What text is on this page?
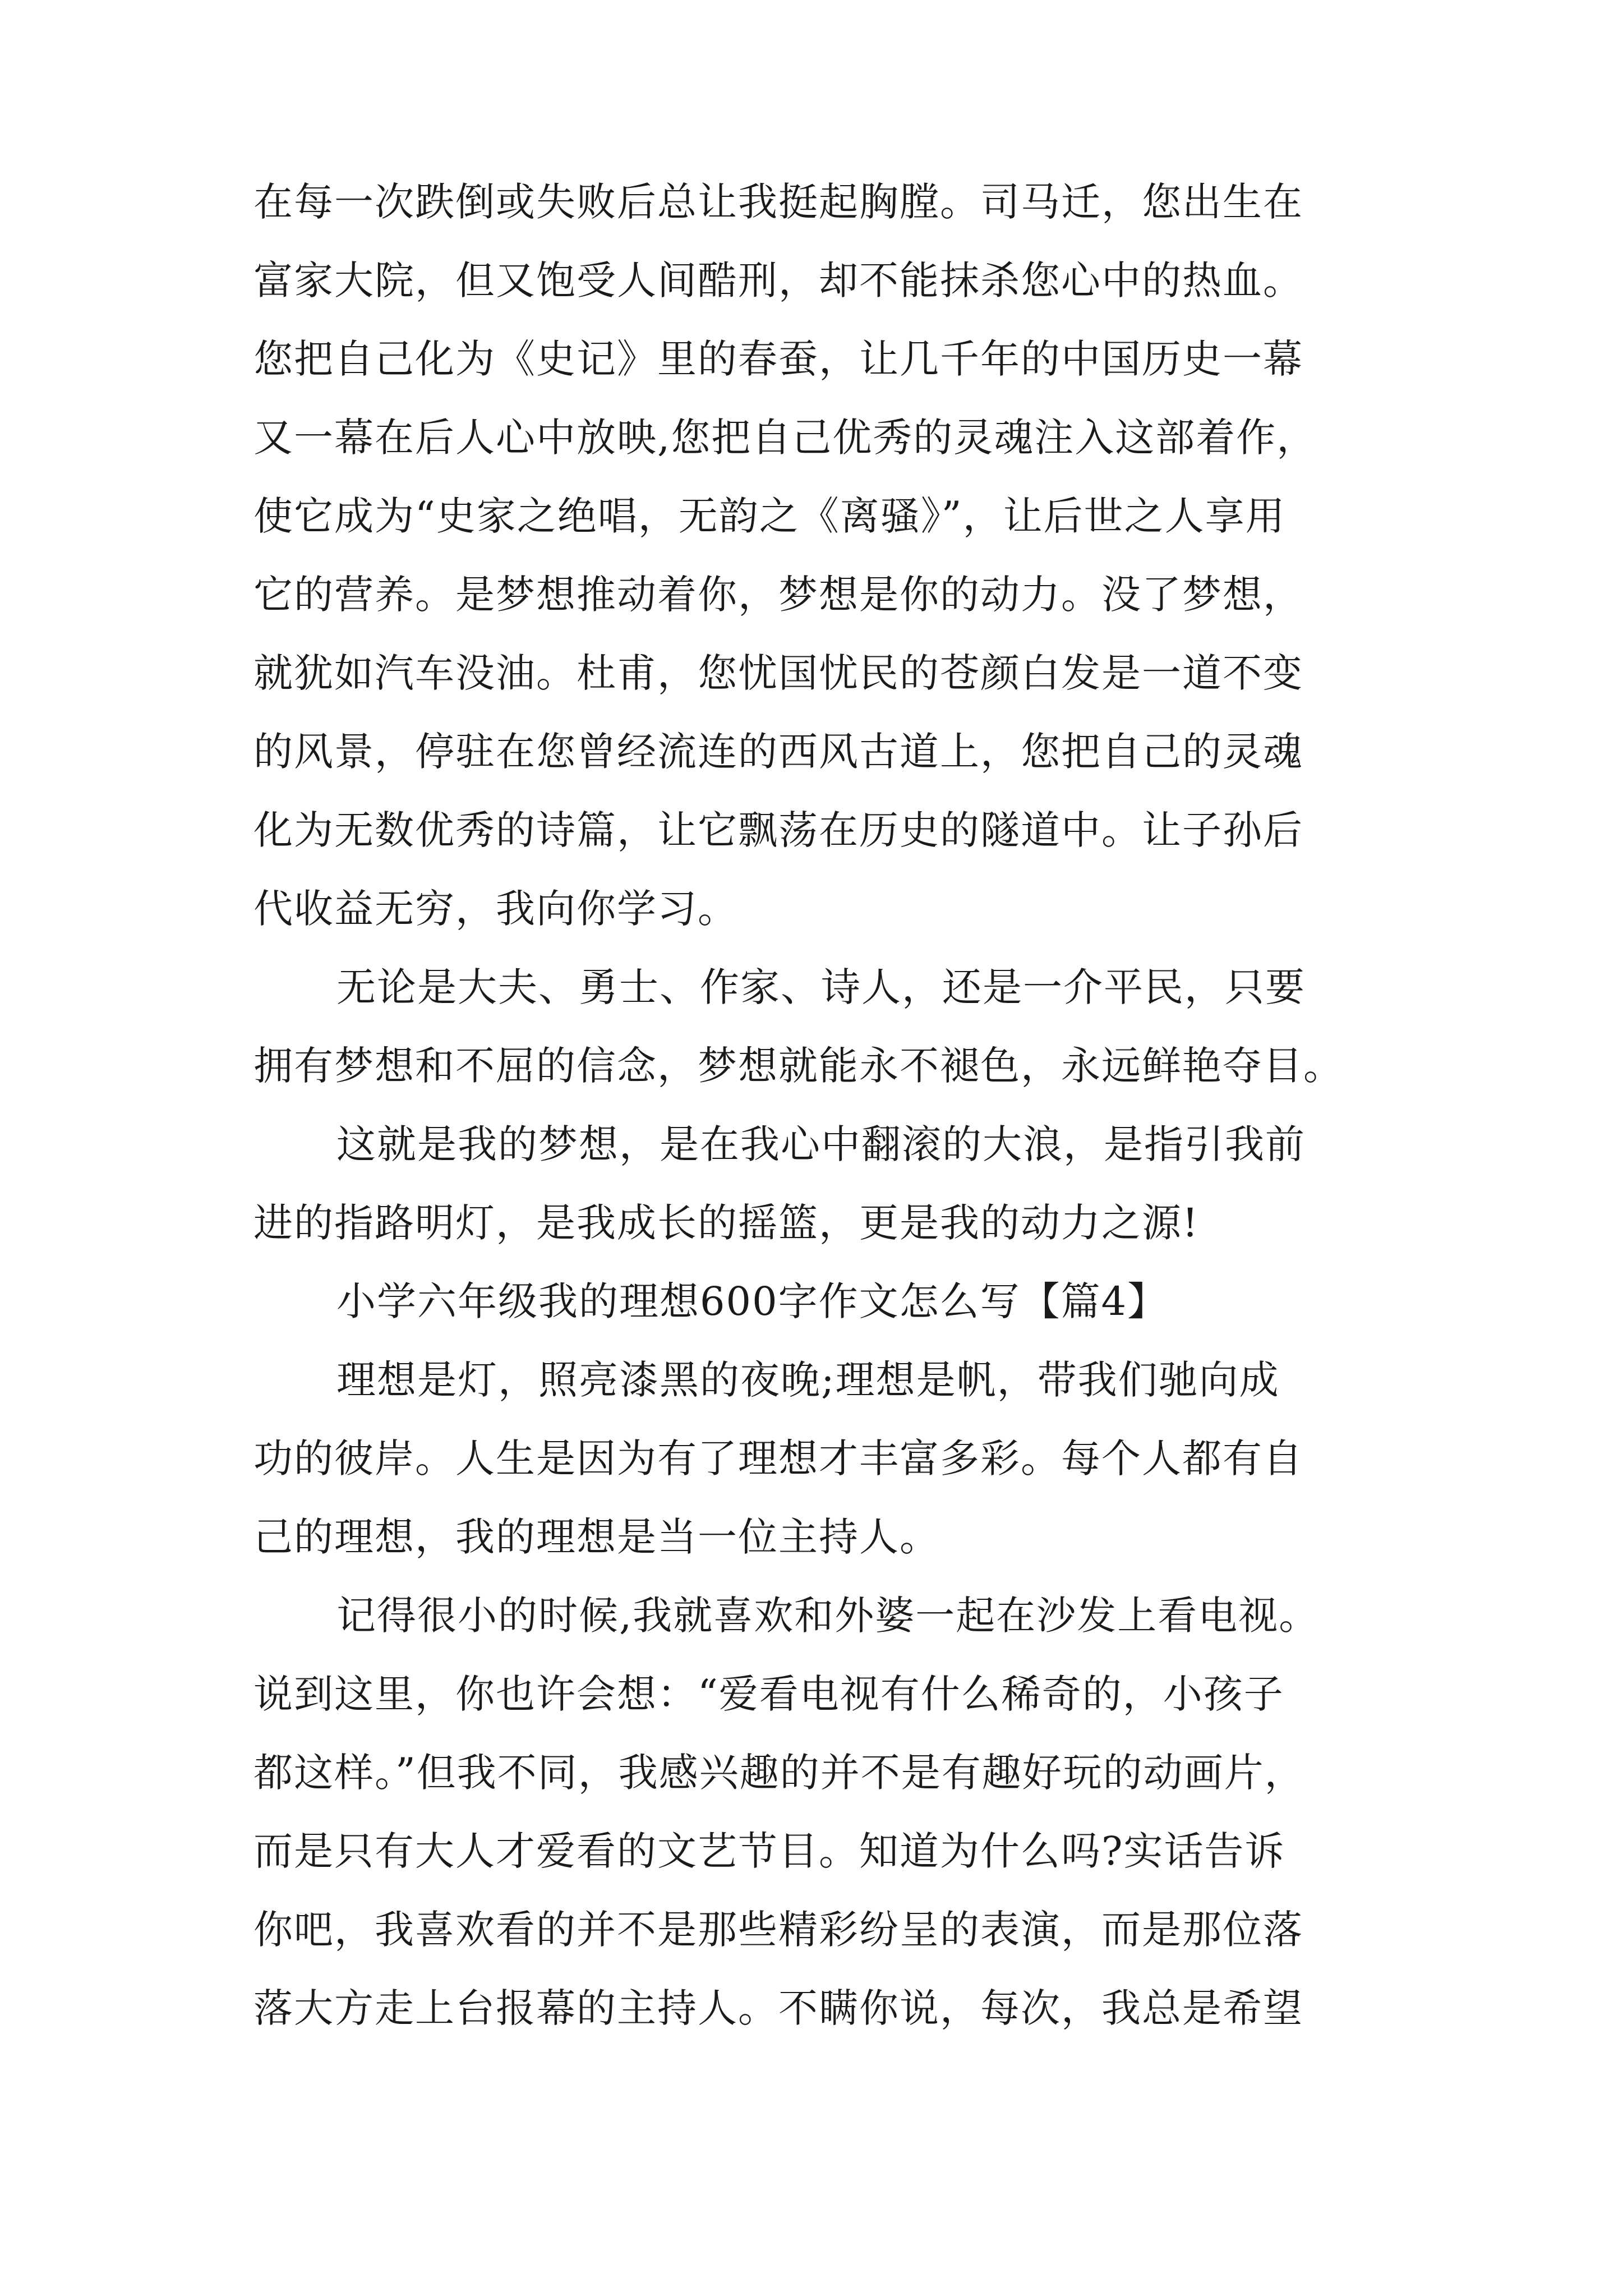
在每一次跌倒或失败后总让我挺起胸膛。司马迁，您出生在
富家大院，但又饱受人间酷刑，却不能抹杀您心中的热血。
您把自己化为《史记》里的春蚕，让几千年的中国历史一幕
又一幕在后人心中放映,您把自己优秀的灵魂注入这部着作，
使它成为“史家之绝唱，无韵之《离骚》”，让后世之人享用
它的营养。是梦想推动着你，梦想是你的动力。没了梦想，
就犹如汽车没油。杜甫，您忧国忧民的苍颜白发是一道不变
的风景，停驻在您曾经流连的西风古道上，您把自己的灵魂
化为无数优秀的诗篇，让它飘荡在历史的隧道中。让子孙后
代收益无穷，我向你学习。
无论是大夫、勇士、作家、诗人，还是一介平民，只要
拥有梦想和不屈的信念，梦想就能永不褪色，永远鲜艳夺目。
这就是我的梦想，是在我心中翻滚的大浪，是指引我前
进的指路明灯，是我成长的摇篮，更是我的动力之源!
小学六年级我的理想600字作文怎么写【篇4】
理想是灯，照亮漆黑的夜晚;理想是帆，带我们驰向成
功的彼岸。人生是因为有了理想才丰富多彩。每个人都有自
己的理想，我的理想是当一位主持人。
记得很小的时候,我就喜欢和外婆一起在沙发上看电视。
说到这里，你也许会想：“爱看电视有什么稀奇的，小孩子
都这样。”但我不同，我感兴趣的并不是有趣好玩的动画片，
而是只有大人才爱看的文艺节目。知道为什么吗?实话告诉
你吧，我喜欢看的并不是那些精彩纷呈的表演，而是那位落
落大方走上台报幕的主持人。不瞒你说，每次，我总是希望
